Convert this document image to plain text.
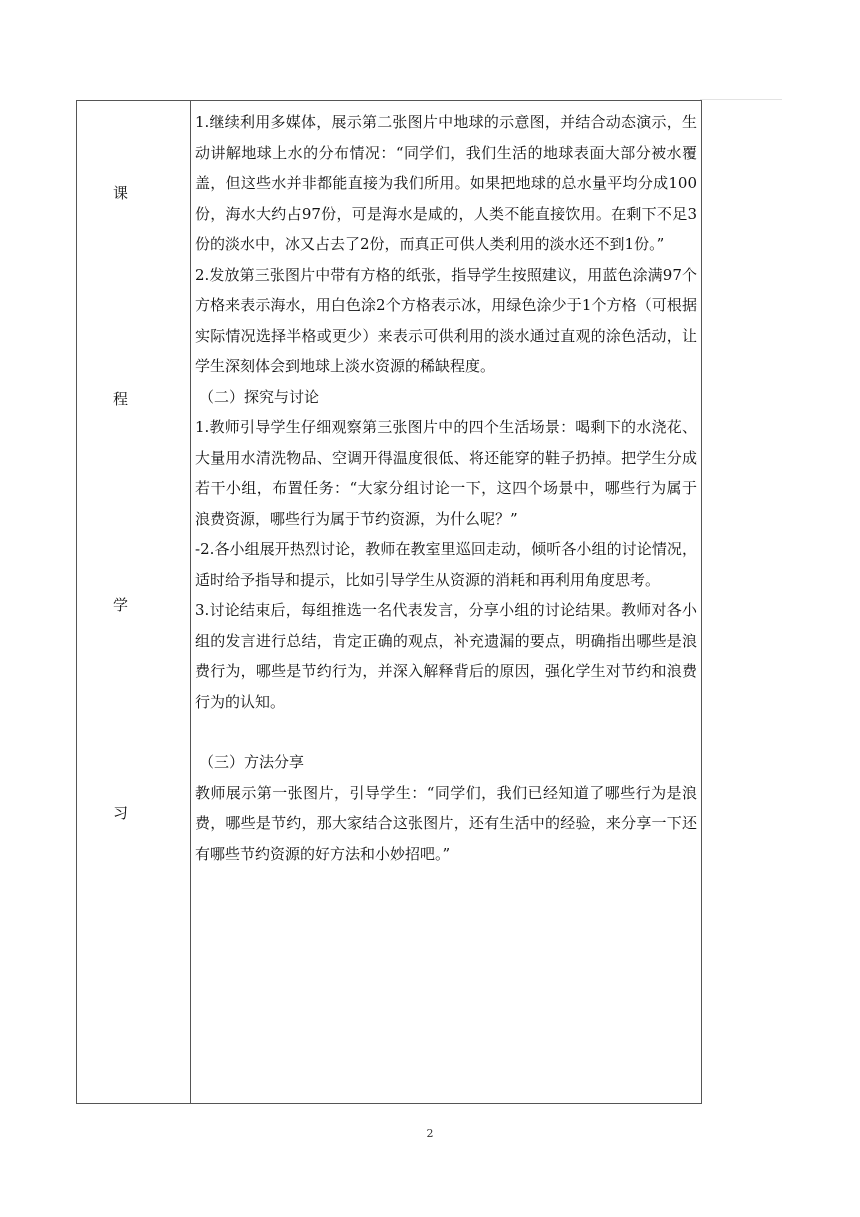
课
程
学
习

1.继续利用多媒体，展示第二张图片中地球的示意图，并结合动态演示，生动讲解地球上水的分布情况：“同学们，我们生活的地球表面大部分被水覆盖，但这些水并非都能直接为我们所用。如果把地球的总水量平均分成100份，海水大约占97份，可是海水是咸的，人类不能直接饮用。在剩下不足3份的淡水中，冰又占去了2份，而真正可供人类利用的淡水还不到1份。”

2.发放第三张图片中带有方格的纸张，指导学生按照建议，用蓝色涂满97个方格来表示海水，用白色涂2个方格表示冰，用绿色涂少于1个方格（可根据实际情况选择半格或更少）来表示可供利用的淡水通过直观的涂色活动，让学生深刻体会到地球上淡水资源的稀缺程度。

（二）探究与讨论

1.教师引导学生仔细观察第三张图片中的四个生活场景：喝剩下的水浇花、大量用水清洗物品、空调开得温度很低、将还能穿的鞋子扔掉。把学生分成若干小组，布置任务：“大家分组讨论一下，这四个场景中，哪些行为属于浪费资源，哪些行为属于节约资源，为什么呢？”

-2.各小组展开热烈讨论，教师在教室里巡回走动，倾听各小组的讨论情况，适时给予指导和提示，比如引导学生从资源的消耗和再利用角度思考。

3.讨论结束后，每组推选一名代表发言，分享小组的讨论结果。教师对各小组的发言进行总结，肯定正确的观点，补充遗漏的要点，明确指出哪些是浪费行为，哪些是节约行为，并深入解释背后的原因，强化学生对节约和浪费行为的认知。

（三）方法分享

教师展示第一张图片，引导学生：“同学们，我们已经知道了哪些行为是浪费，哪些是节约，那大家结合这张图片，还有生活中的经验，来分享一下还有哪些节约资源的好方法和小妙招吧。”

2
